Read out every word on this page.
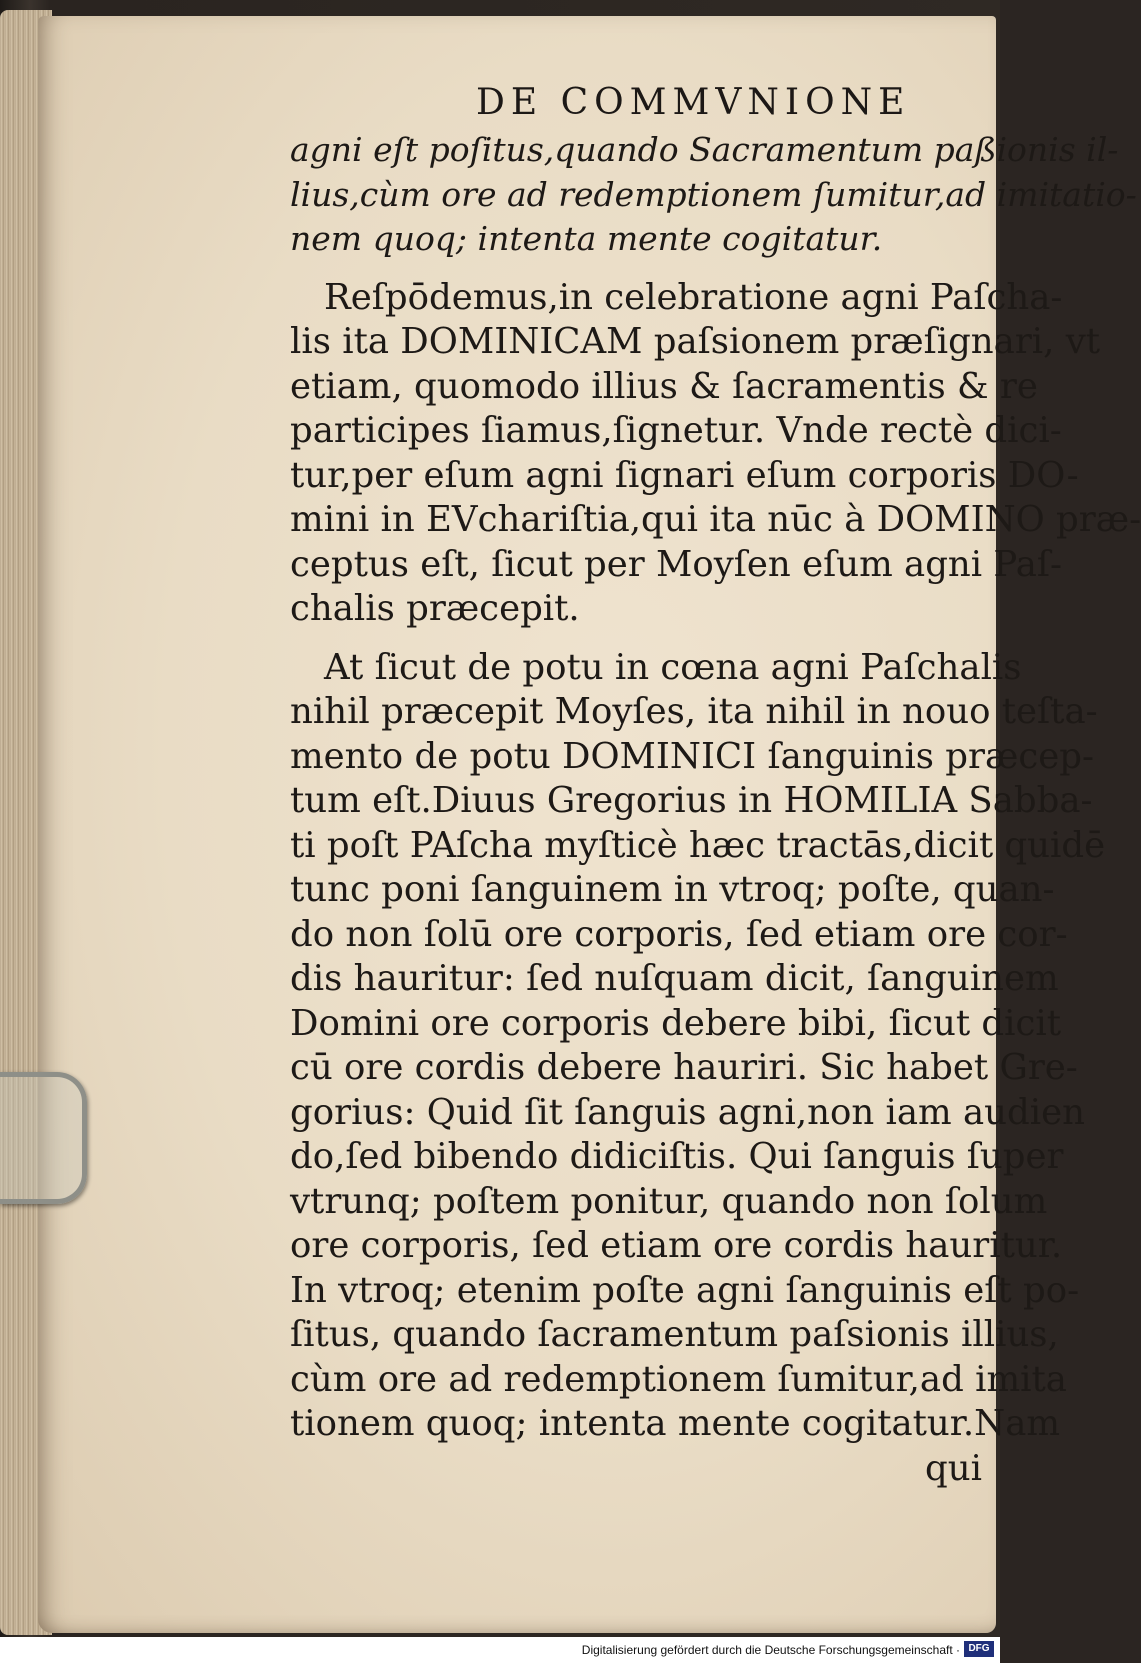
DE COMMVNIONE
agni eſt poſitus,quando Sacramentum paßionis il-
lius,cùm ore ad redemptionem ſumitur,ad imitatio-
nem quoq; intenta mente cogitatur.
Reſpōdemus,in celebratione agni Paſcha-
lis ita DOMINICAM paſsionem præſignari, vt
etiam, quomodo illius & ſacramentis & re
participes ſiamus,ſignetur. Vnde rectè dici-
tur,per eſum agni ſignari eſum corporis DO-
mini in EVchariſtia,qui ita nūc à DOMINO præ-
ceptus eſt, ſicut per Moyſen eſum agni Paſ-
chalis præcepit.
At ſicut de potu in cœna agni Paſchalis
nihil præcepit Moyſes, ita nihil in nouo teſta-
mento de potu DOMINICI ſanguinis præcep-
tum eſt.Diuus Gregorius in HOMILIA Sabba-
ti poſt PAſcha myſticè hæc tractās,dicit quidē
tunc poni ſanguinem in vtroq; poſte, quan-
do non ſolū ore corporis, ſed etiam ore cor-
dis hauritur: ſed nuſquam dicit, ſanguinem
Domini ore corporis debere bibi, ſicut dicit
cū ore cordis debere hauriri. Sic habet Gre-
gorius: Quid ſit ſanguis agni,non iam audien
do,ſed bibendo didiciſtis. Qui ſanguis ſuper
vtrunq; poſtem ponitur, quando non ſolum
ore corporis, ſed etiam ore cordis hauritur.
In vtroq; etenim poſte agni ſanguinis eſt po-
ſitus, quando ſacramentum paſsionis illius,
cùm ore ad redemptionem ſumitur,ad imita
tionem quoq; intenta mente cogitatur.Nam
qui
Digitalisierung gefördert durch die Deutsche Forschungsgemeinschaft · DFG
